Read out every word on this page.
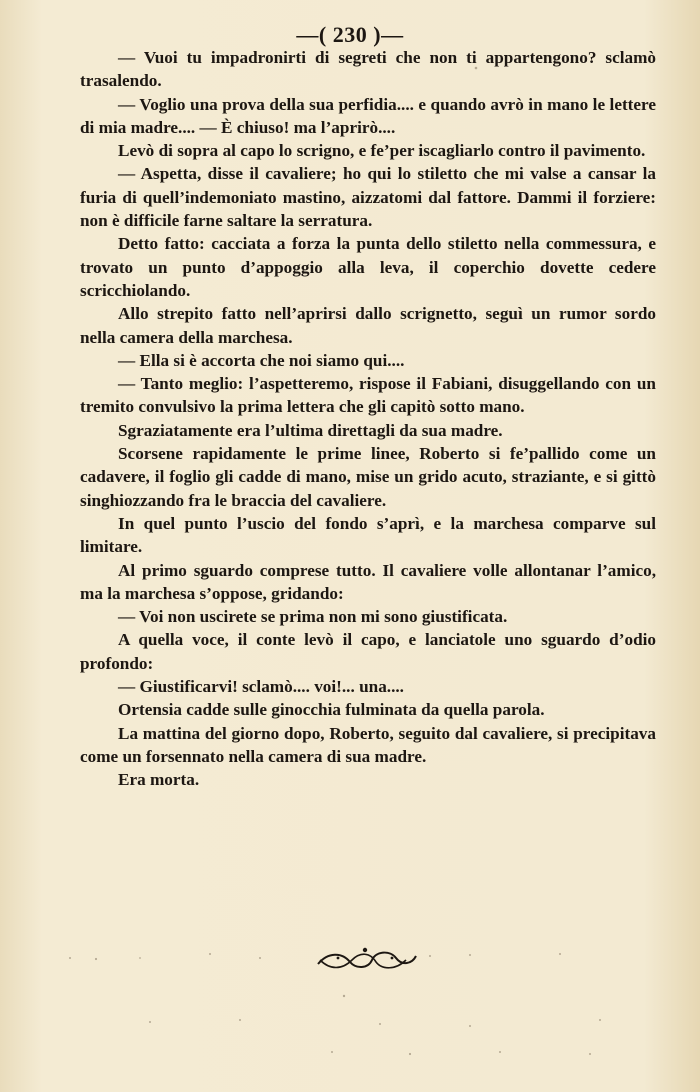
—( 230 )—

— Vuoi tu impadronirti di segreti che non ti appartengono? sclamò trasalendo.

— Voglio una prova della sua perfidia.... e quando avrò in mano le lettere di mia madre.... — È chiuso! ma l’aprirò....

Levò di sopra al capo lo scrigno, e fe’per iscagliarlo contro il pavimento.

— Aspetta, disse il cavaliere; ho qui lo stiletto che mi valse a cansar la furia di quell’indemoniato mastino, aizzatomi dal fattore. Dammi il forziere: non è difficile farne saltare la serratura.

Detto fatto: cacciata a forza la punta dello stiletto nella commessura, e trovato un punto d’appoggio alla leva, il coperchio dovette cedere scricchiolando.

Allo strepito fatto nell’aprirsi dallo scrignetto, seguì un rumor sordo nella camera della marchesa.

— Ella si è accorta che noi siamo qui....

— Tanto meglio: l’aspetteremo, rispose il Fabiani, disuggellando con un tremito convulsivo la prima lettera che gli capitò sotto mano.

Sgraziatamente era l’ultima direttagli da sua madre.

Scorsene rapidamente le prime linee, Roberto si fe’pallido come un cadavere, il foglio gli cadde di mano, mise un grido acuto, straziante, e si gittò singhiozzando fra le braccia del cavaliere.

In quel punto l’uscio del fondo s’aprì, e la marchesa comparve sul limitare.

Al primo sguardo comprese tutto. Il cavaliere volle allontanar l’amico, ma la marchesa s’oppose, gridando:

— Voi non uscirete se prima non mi sono giustificata.

A quella voce, il conte levò il capo, e lanciatole uno sguardo d’odio profondo:

— Giustificarvi! sclamò.... voi!... una....

Ortensia cadde sulle ginocchia fulminata da quella parola.

La mattina del giorno dopo, Roberto, seguito dal cavaliere, si precipitava come un forsennato nella camera di sua madre.

Era morta.
